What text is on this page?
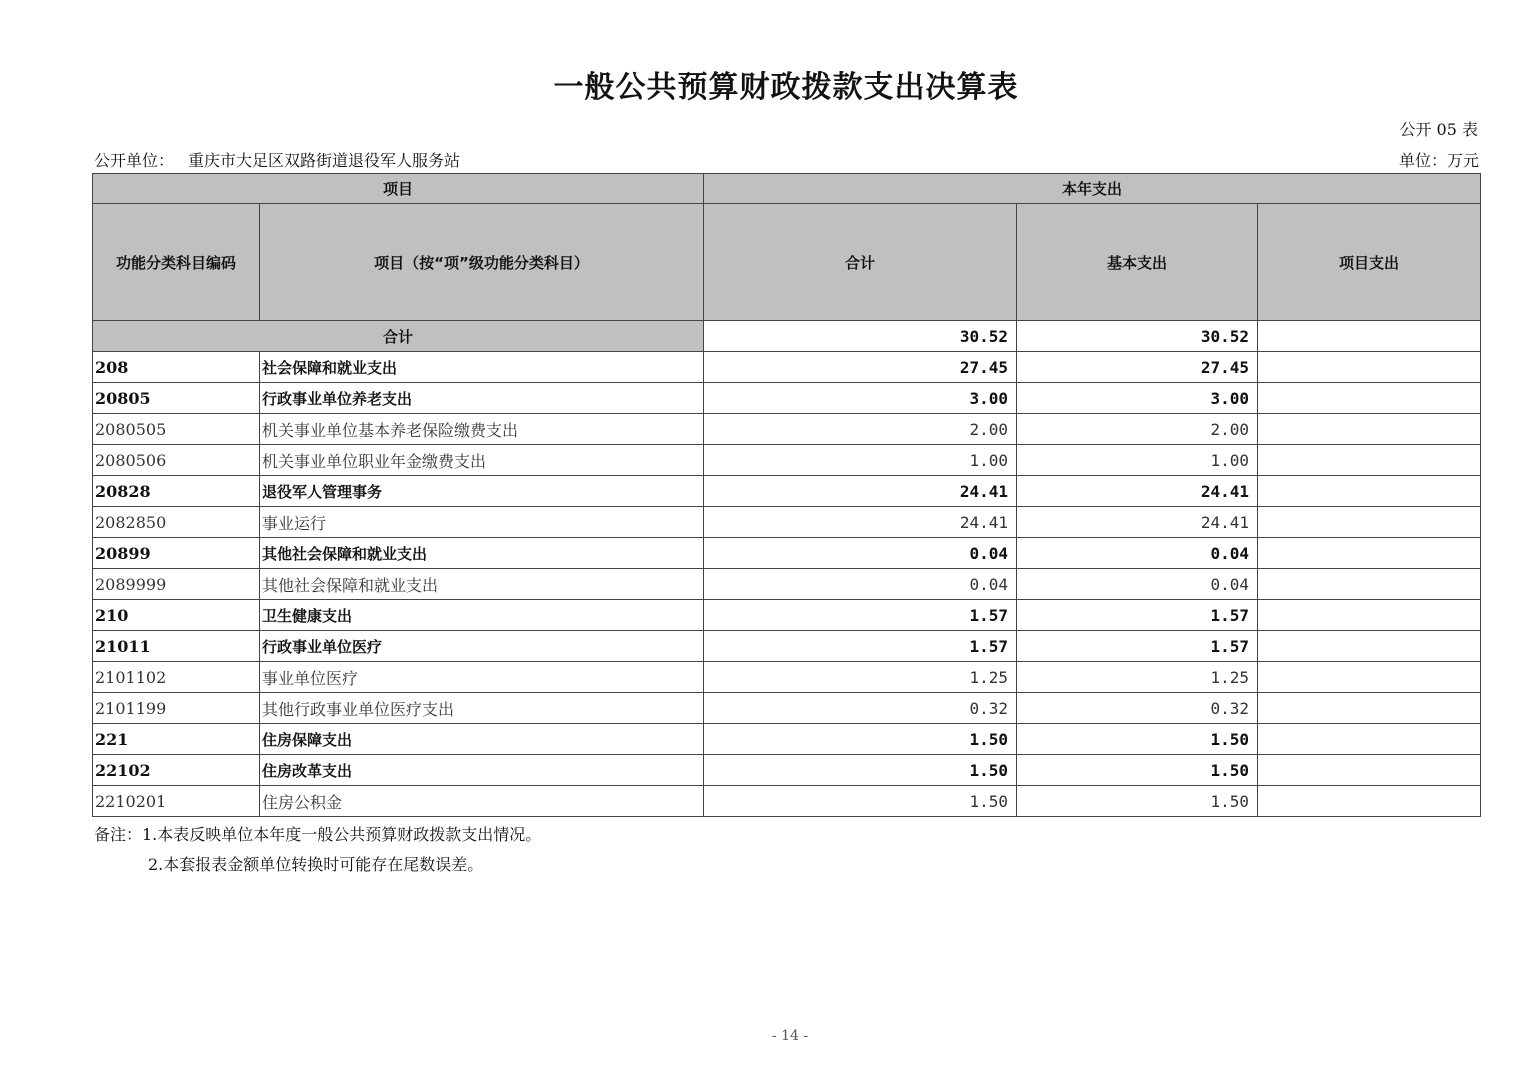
一般公共预算财政拨款支出决算表
公开 05 表
公开单位： 重庆市大足区双路街道退役军人服务站	单位：万元
项目		本年支出		
功能分类科目编码	项目（按“项”级功能分类科目）	合计	基本支出	项目支出
合计		30.52	30.52	
208	社会保障和就业支出	27.45	27.45	
20805	行政事业单位养老支出	3.00	3.00	
2080505	机关事业单位基本养老保险缴费支出	2.00	2.00	
2080506	机关事业单位职业年金缴费支出	1.00	1.00	
20828	退役军人管理事务	24.41	24.41	
2082850	事业运行	24.41	24.41	
20899	其他社会保障和就业支出	0.04	0.04	
2089999	其他社会保障和就业支出	0.04	0.04	
210	卫生健康支出	1.57	1.57	
21011	行政事业单位医疗	1.57	1.57	
2101102	事业单位医疗	1.25	1.25	
2101199	其他行政事业单位医疗支出	0.32	0.32	
221	住房保障支出	1.50	1.50	
22102	住房改革支出	1.50	1.50	
2210201	住房公积金	1.50	1.50	
备注：1.本表反映单位本年度一般公共预算财政拨款支出情况。
2.本套报表金额单位转换时可能存在尾数误差。
- 14 -
